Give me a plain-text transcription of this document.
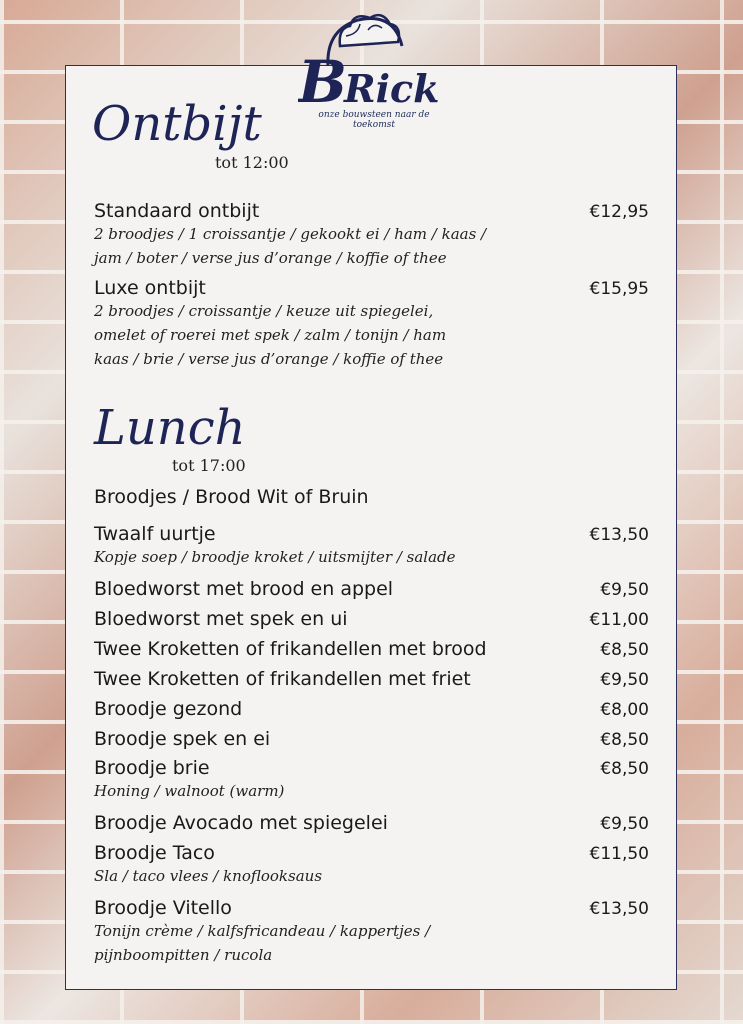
B
Rick
onze bouwsteen naar de toekomst
Ontbijt
tot 12:00
Standaard ontbijt	€12,95
2 broodjes / 1 croissantje / gekookt ei / ham / kaas /
jam / boter / verse jus d’orange / koffie of thee
Luxe ontbijt	€15,95
2 broodjes / croissantje / keuze uit spiegelei,
omelet of roerei met spek / zalm / tonijn / ham
kaas / brie / verse jus d’orange / koffie of thee
Lunch
tot 17:00
Broodjes / Brood Wit of Bruin
Twaalf uurtje	€13,50
Kopje soep / broodje kroket / uitsmijter / salade
Bloedworst met brood en appel	€9,50
Bloedworst met spek en ui	€11,00
Twee Kroketten of frikandellen met brood	€8,50
Twee Kroketten of frikandellen met friet	€9,50
Broodje gezond	€8,00
Broodje spek en ei	€8,50
Broodje brie	€8,50
Honing / walnoot (warm)
Broodje Avocado met spiegelei	€9,50
Broodje Taco	€11,50
Sla / taco vlees / knoflooksaus
Broodje Vitello	€13,50
Tonijn crème / kalfsfricandeau / kappertjes /
pijnboompitten / rucola
